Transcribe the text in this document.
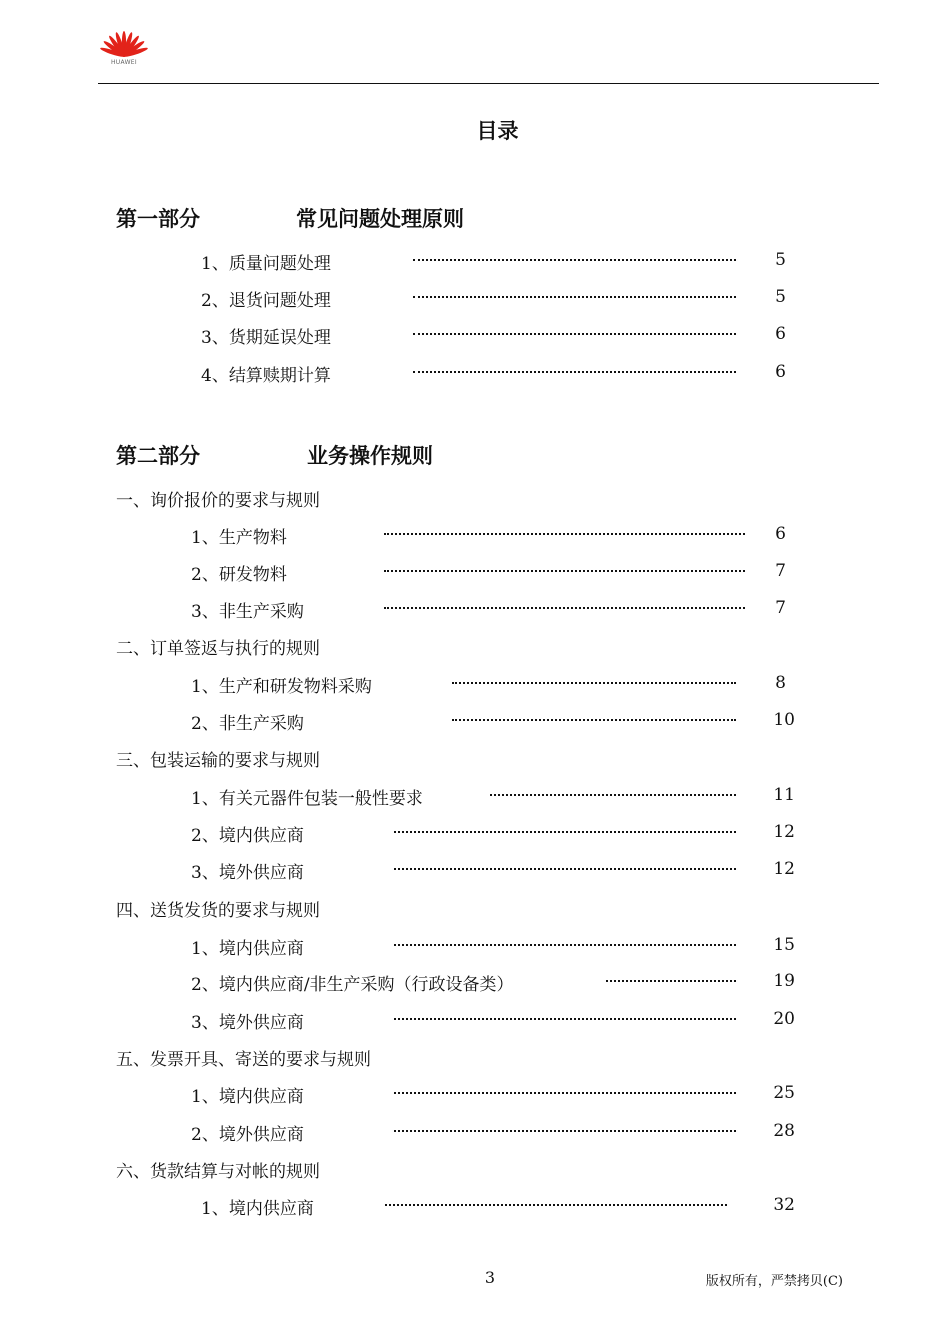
HUAWEI
目录
第一部分	常见问题处理原则
1、质量问题处理	5
2、退货问题处理	5
3、货期延误处理	6
4、结算赎期计算	6
第二部分	业务操作规则
一、询价报价的要求与规则
1、生产物料	6
2、研发物料	7
3、非生产采购	7
二、订单签返与执行的规则
1、生产和研发物料采购	8
2、非生产采购	10
三、包装运输的要求与规则
1、有关元器件包装一般性要求	11
2、境内供应商	12
3、境外供应商	12
四、送货发货的要求与规则
1、境内供应商	15
2、境内供应商/非生产采购（行政设备类）	19
3、境外供应商	20
五、发票开具、寄送的要求与规则
1、境内供应商	25
2、境外供应商	28
六、货款结算与对帐的规则
1、境内供应商	32
3	版权所有，严禁拷贝(C)
